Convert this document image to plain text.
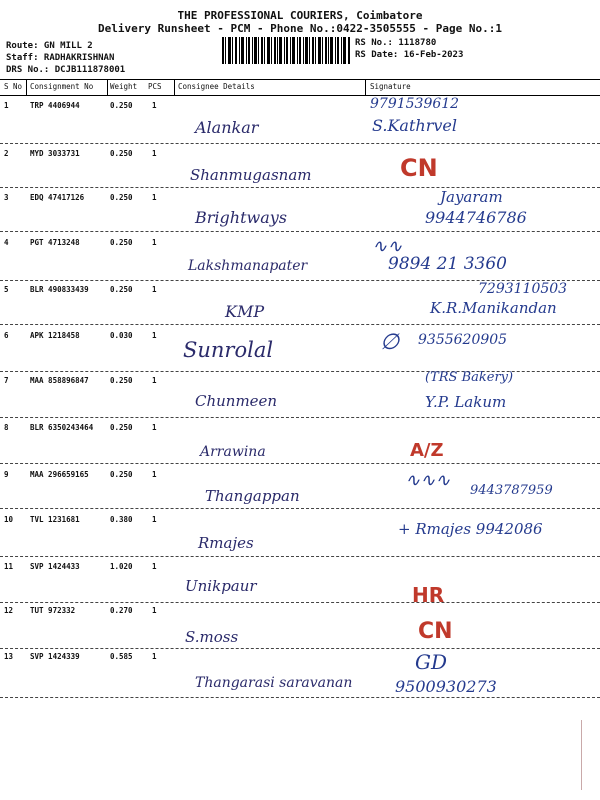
THE PROFESSIONAL COURIERS, Coimbatore
Delivery Runsheet - PCM - Phone No.:0422-3505555 - Page No.:1
Route: GN MILL 2
Staff: RADHAKRISHNAN
DRS No.: DCJB111878001
RS No.: 1118780
RS Date: 16-Feb-2023
S No Consignment No Weight PCS Consignee Details	Signature
1	TRP 4406944	0.250	1
Alankar
9791539612
S.Kathrvel
2	MYD 3033731	0.250	1
Shanmugasnam	CN
3	EDQ 47417126	0.250	1
Brightways
Jayaram
9944746786
4	PGT 4713248	0.250	1
Lakshmanapater
∿∿
9894 21 3360
5	BLR 490833439	0.250	1
KMP
7293110503
K.R.Manikandan
6	APK 1218458	0.030	1
Sunrolal	∅ 9355620905
7	MAA 858896847	0.250	1
Chunmeen
(TRS Bakery)
Y.P. Lakum
8	BLR 6350243464 0.250	1
Arrawina	A/Z
9	MAA 296659165	0.250	1
Thangappan
∿∿∿ 9443787959
10 TVL 1231681	0.380	1
Rmajes
+ Rmajes 9942086
11 SVP 1424433	1.020	1
Unikpaur	HR
12 TUT 972332	0.270	1
S.moss	CN
13 SVP 1424339	0.585	1
Thangarasi saravanan
GD
9500930273
